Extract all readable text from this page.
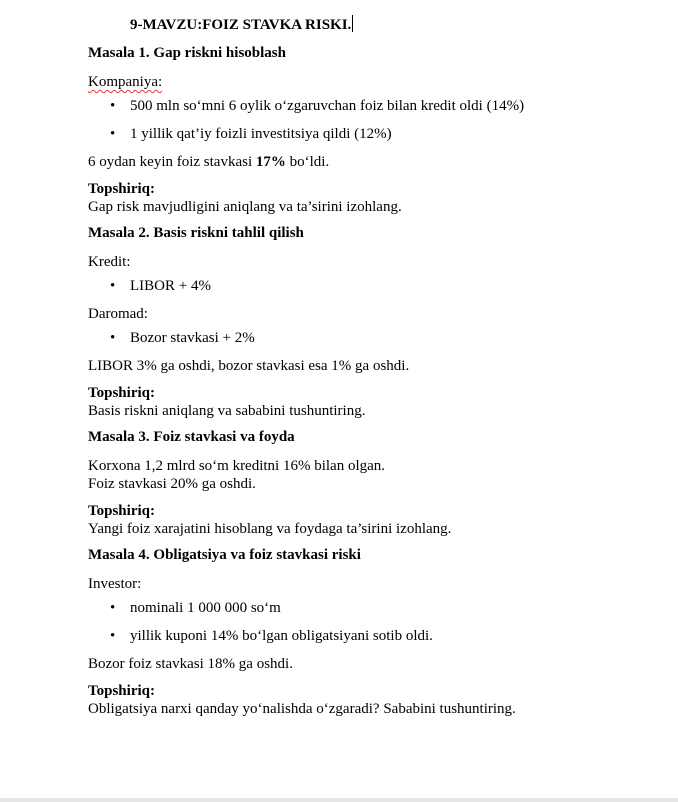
9-MAVZU:FOIZ STAVKA RISKI.
Masala 1. Gap riskni hisoblash
Kompaniya:
• 500 mln so‘mni 6 oylik o‘zgaruvchan foiz bilan kredit oldi (14%)
• 1 yillik qat’iy foizli investitsiya qildi (12%)
6 oydan keyin foiz stavkasi 17% bo‘ldi.
Topshiriq:
Gap risk mavjudligini aniqlang va ta’sirini izohlang.
Masala 2. Basis riskni tahlil qilish
Kredit:
• LIBOR + 4%
Daromad:
• Bozor stavkasi + 2%
LIBOR 3% ga oshdi, bozor stavkasi esa 1% ga oshdi.
Topshiriq:
Basis riskni aniqlang va sababini tushuntiring.
Masala 3. Foiz stavkasi va foyda
Korxona 1,2 mlrd so‘m kreditni 16% bilan olgan.
Foiz stavkasi 20% ga oshdi.
Topshiriq:
Yangi foiz xarajatini hisoblang va foydaga ta’sirini izohlang.
Masala 4. Obligatsiya va foiz stavkasi riski
Investor:
• nominali 1 000 000 so‘m
• yillik kuponi 14% bo‘lgan obligatsiyani sotib oldi.
Bozor foiz stavkasi 18% ga oshdi.
Topshiriq:
Obligatsiya narxi qanday yo‘nalishda o‘zgaradi? Sababini tushuntiring.
